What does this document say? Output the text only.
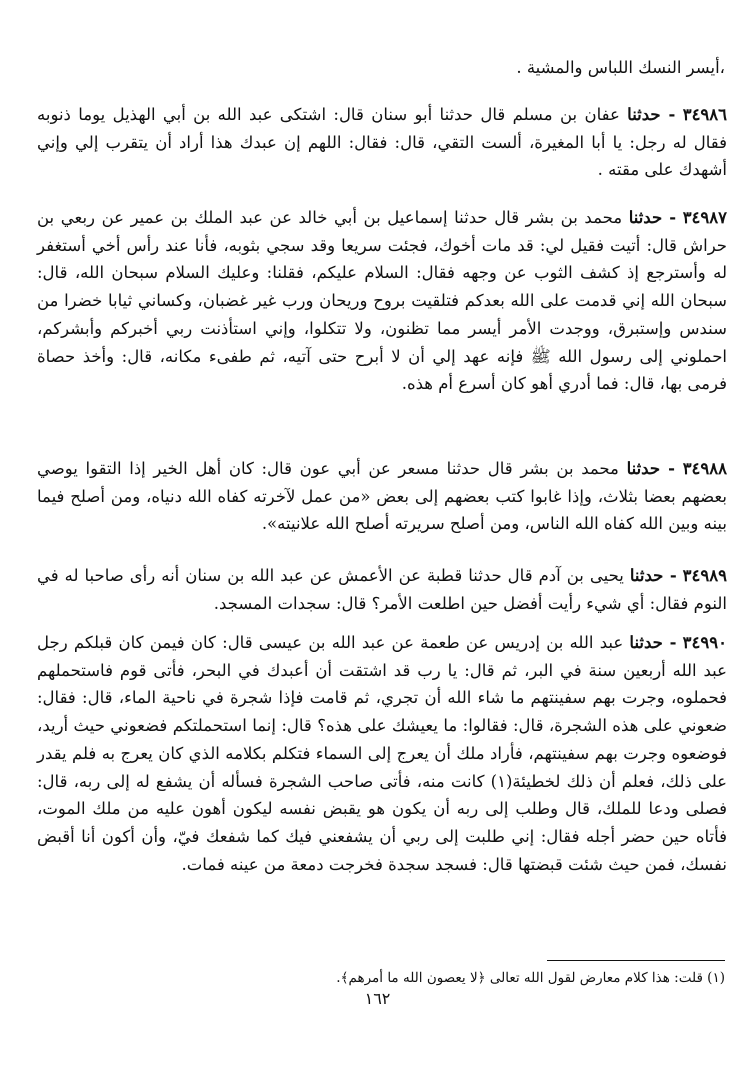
،أيسر النسك اللباس والمشية .
٣٤٩٨٦ - حدثنا عفان بن مسلم قال حدثنا أبو سنان قال: اشتكى عبد الله بن أبي الهذيل يوما ذنوبه فقال له رجل: يا أبا المغيرة، ألست التقي، قال: فقال: اللهم إن عبدك هذا أراد أن يتقرب إلي وإني أشهدك على مقته .
٣٤٩٨٧ - حدثنا محمد بن بشر قال حدثنا إسماعيل بن أبي خالد عن عبد الملك بن عمير عن ربعي بن حراش قال: أتيت فقيل لي: قد مات أخوك، فجئت سريعا وقد سجي بثوبه، فأنا عند رأس أخي أستغفر له وأسترجع إذ كشف الثوب عن وجهه فقال: السلام عليكم، فقلنا: وعليك السلام سبحان الله، قال: سبحان الله إني قدمت على الله بعدكم فتلقيت بروح وريحان ورب غير غضبان، وكساني ثيابا خضرا من سندس وإستبرق، ووجدت الأمر أيسر مما تظنون، ولا تتكلوا، وإني استأذنت ربي أخبركم وأبشركم، احملوني إلى رسول الله ﷺ فإنه عهد إلي أن لا أبرح حتى آتيه، ثم طفىء مكانه، قال: وأخذ حصاة فرمى بها، قال: فما أدري أهو كان أسرع أم هذه.
٣٤٩٨٨ - حدثنا محمد بن بشر قال حدثنا مسعر عن أبي عون قال: كان أهل الخير إذا التقوا يوصي بعضهم بعضا بثلاث، وإذا غابوا كتب بعضهم إلى بعض «من عمل لآخرته كفاه الله دنياه، ومن أصلح فيما بينه وبين الله كفاه الله الناس، ومن أصلح سريرته أصلح الله علانيته».
٣٤٩٨٩ - حدثنا يحيى بن آدم قال حدثنا قطبة عن الأعمش عن عبد الله بن سنان أنه رأى صاحبا له في النوم فقال: أي شيء رأيت أفضل حين اطلعت الأمر؟ قال: سجدات المسجد.
٣٤٩٩٠ - حدثنا عبد الله بن إدريس عن طعمة عن عبد الله بن عيسى قال: كان فيمن كان قبلكم رجل عبد الله أربعين سنة في البر، ثم قال: يا رب قد اشتقت أن أعبدك في البحر، فأتى قوم فاستحملهم فحملوه، وجرت بهم سفينتهم ما شاء الله أن تجري، ثم قامت فإذا شجرة في ناحية الماء، قال: فقال: ضعوني على هذه الشجرة، قال: فقالوا: ما يعيشك على هذه؟ قال: إنما استحملتكم فضعوني حيث أريد، فوضعوه وجرت بهم سفينتهم، فأراد ملك أن يعرج إلى السماء فتكلم بكلامه الذي كان يعرج به فلم يقدر على ذلك، فعلم أن ذلك لخطيئة(١) كانت منه، فأتى صاحب الشجرة فسأله أن يشفع له إلى ربه، قال: فصلى ودعا للملك، قال وطلب إلى ربه أن يكون هو يقبض نفسه ليكون أهون عليه من ملك الموت، فأتاه حين حضر أجله فقال: إني طلبت إلى ربي أن يشفعني فيك كما شفعك فيّ، وأن أكون أنا أقبض نفسك، فمن حيث شئت قبضتها قال: فسجد سجدة فخرجت دمعة من عينه فمات.
(١) قلت: هذا كلام معارض لقول الله تعالى ﴿لا يعصون الله ما أمرهم﴾.
١٦٢
